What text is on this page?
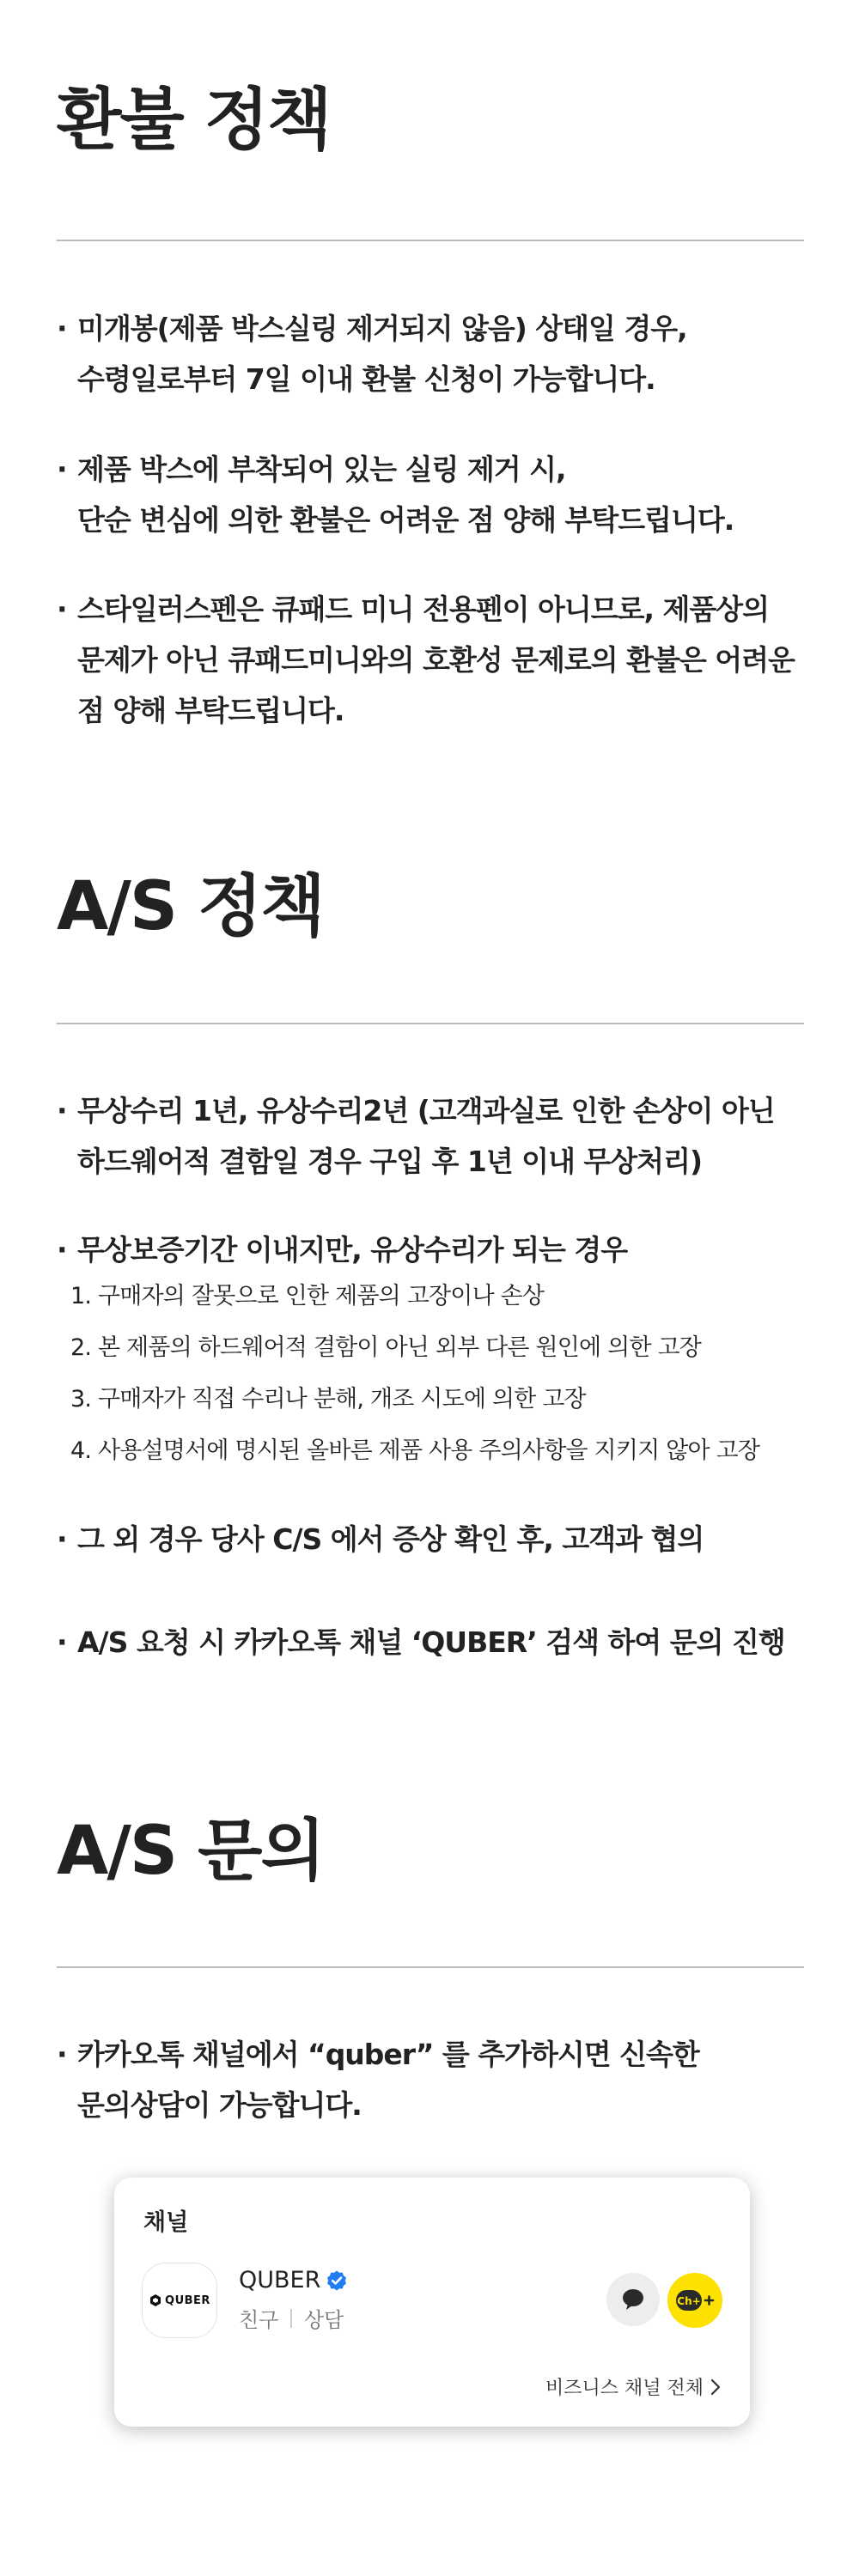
환불 정책
· 미개봉(제품 박스실링 제거되지 않음) 상태일 경우,
수령일로부터 7일 이내 환불 신청이 가능합니다.
· 제품 박스에 부착되어 있는 실링 제거 시,
단순 변심에 의한 환불은 어려운 점 양해 부탁드립니다.
· 스타일러스펜은 큐패드 미니 전용펜이 아니므로, 제품상의
문제가 아닌 큐패드미니와의 호환성 문제로의 환불은 어려운
점 양해 부탁드립니다.
A/S 정책
· 무상수리 1년, 유상수리2년 (고객과실로 인한 손상이 아닌
하드웨어적 결함일 경우 구입 후 1년 이내 무상처리)
· 무상보증기간 이내지만, 유상수리가 되는 경우
1. 구매자의 잘못으로 인한 제품의 고장이나 손상
2. 본 제품의 하드웨어적 결함이 아닌 외부 다른 원인에 의한 고장
3. 구매자가 직접 수리나 분해, 개조 시도에 의한 고장
4. 사용설명서에 명시된 올바른 제품 사용 주의사항을 지키지 않아 고장
· 그 외 경우 당사 C/S 에서 증상 확인 후, 고객과 협의
· A/S 요청 시 카카오톡 채널 ‘QUBER’ 검색 하여 문의 진행
A/S 문의
· 카카오톡 채널에서 “quber” 를 추가하시면 신속한
문의상담이 가능합니다.
채널
QUBER
QUBER
친구 상담
Ch+
비즈니스 채널 전체
